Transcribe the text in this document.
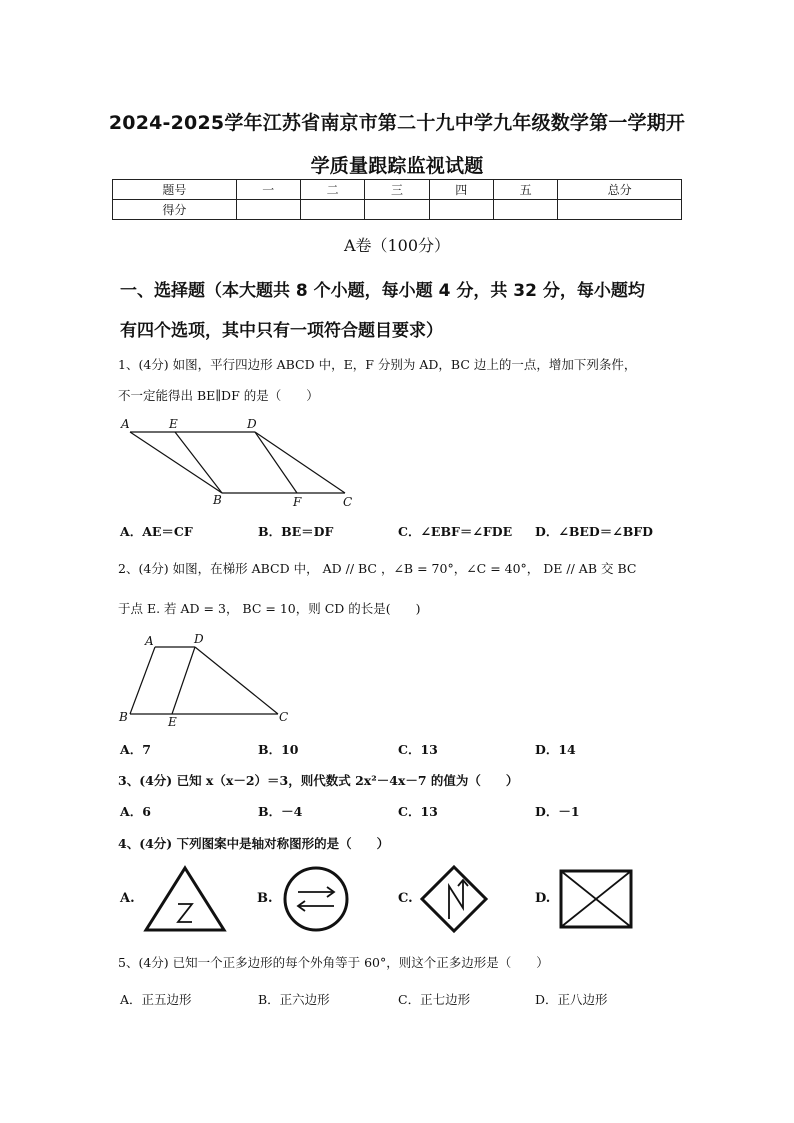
2024-2025学年江苏省南京市第二十九中学九年级数学第一学期开
学质量跟踪监视试题
题号	一	二	三	四	五	总分
得分						
A卷（100分）
一、选择题（本大题共 8 个小题，每小题 4 分，共 32 分，每小题均
有四个选项，其中只有一项符合题目要求）
1、(4分) 如图，平行四边形 ABCD 中，E，F 分别为 AD，BC 边上的一点，增加下列条件，
不一定能得出 BE∥DF 的是（　　）
A	E	D
B	F	C
A．AE＝CF	B．BE＝DF	C．∠EBF＝∠FDE D．∠BED＝∠BFD
2、(4分) 如图，在梯形 ABCD 中， AD // BC ，∠B = 70°，∠C = 40°， DE // AB 交 BC
于点 E. 若 AD = 3， BC = 10，则 CD 的长是(　　)
A	D
B	E	C
A．7	B．10	C．13	D．14
3、(4分) 已知 x（x－2）＝3，则代数式 2x²－4x－7 的值为（　　）
A．6	B．－4	C．13	D．－1
4、(4分) 下列图案中是轴对称图形的是（　　）
A.	B.	C.	D.
5、(4分) 已知一个正多边形的每个外角等于 60°，则这个正多边形是（　　）
A．正五边形	B．正六边形	C．正七边形	D．正八边形
